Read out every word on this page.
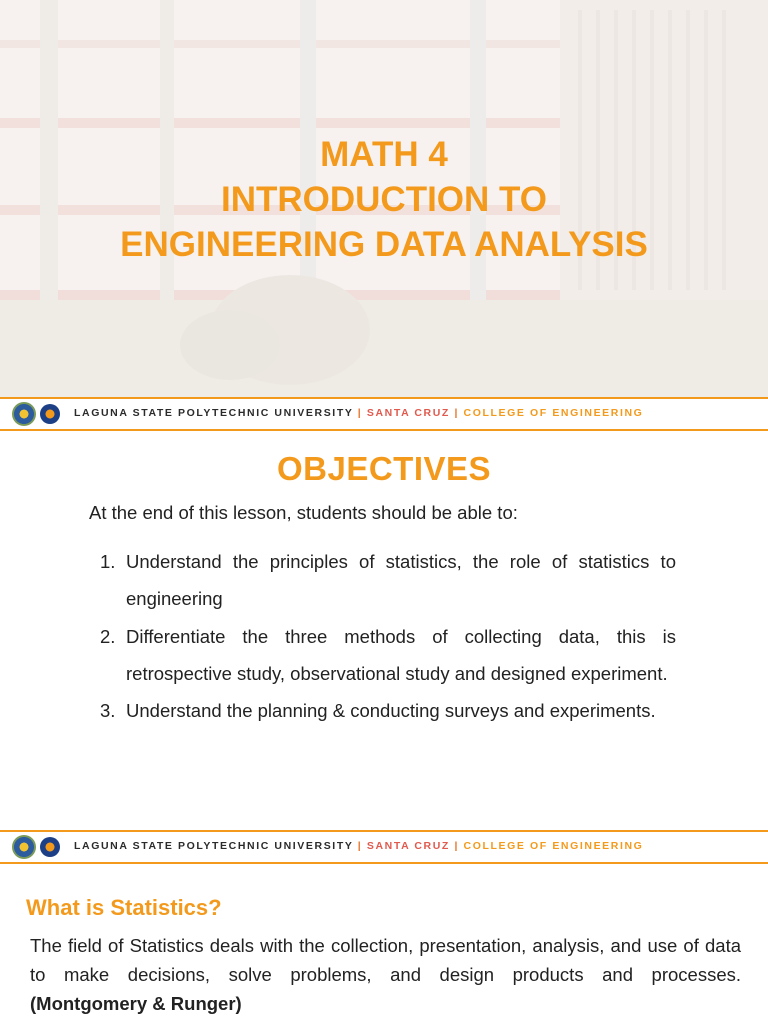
MATH 4
INTRODUCTION TO
ENGINEERING DATA ANALYSIS
LAGUNA STATE POLYTECHNIC UNIVERSITY | SANTA CRUZ | COLLEGE OF ENGINEERING
OBJECTIVES
At the end of this lesson, students should be able to:
1. Understand the principles of statistics, the role of statistics to engineering
2. Differentiate the three methods of collecting data, this is retrospective study, observational study and designed experiment.
3. Understand the planning & conducting surveys and experiments.
LAGUNA STATE POLYTECHNIC UNIVERSITY | SANTA CRUZ | COLLEGE OF ENGINEERING
What is Statistics?
The field of Statistics deals with the collection, presentation, analysis, and use of data to make decisions, solve problems, and design products and processes. (Montgomery & Runger)
